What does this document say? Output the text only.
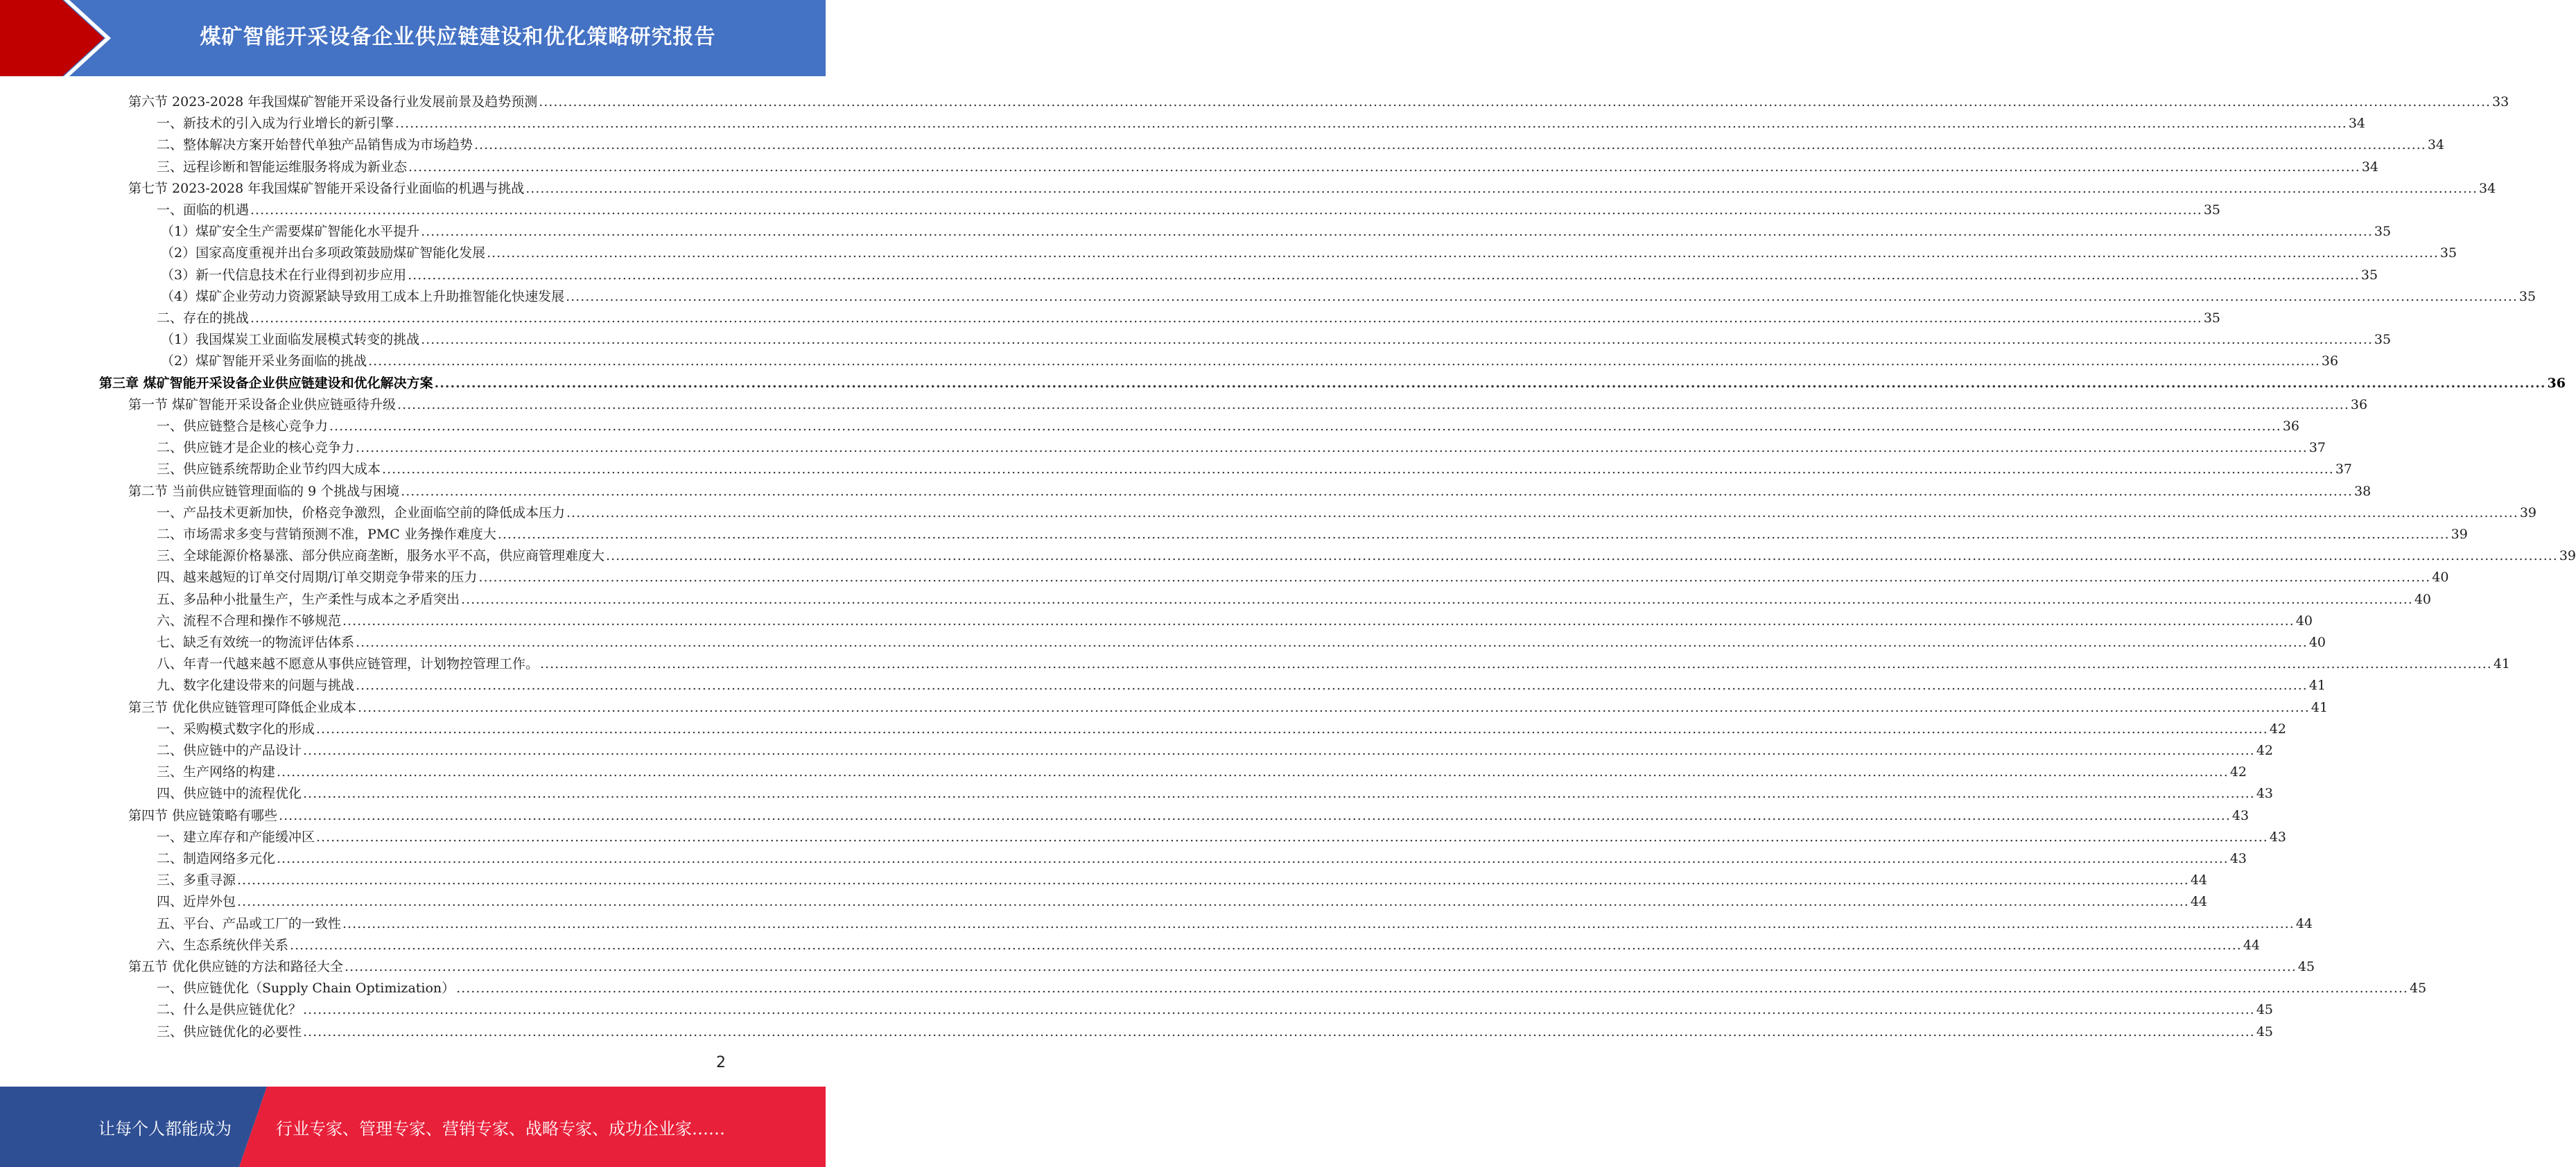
煤矿智能开采设备企业供应链建设和优化策略研究报告
第六节 2023-2028 年我国煤矿智能开采设备行业发展前景及趋势预测 ................................................................................................................................................................................................................................................................................................................................................................................................................ 33
一、新技术的引入成为行业增长的新引擎 ................................................................................................................................................................................................................................................................................................................................................................................................................ 34
二、整体解决方案开始替代单独产品销售成为市场趋势 ................................................................................................................................................................................................................................................................................................................................................................................................................ 34
三、远程诊断和智能运维服务将成为新业态 ................................................................................................................................................................................................................................................................................................................................................................................................................ 34
第七节 2023-2028 年我国煤矿智能开采设备行业面临的机遇与挑战 ................................................................................................................................................................................................................................................................................................................................................................................................................ 34
一、面临的机遇 ................................................................................................................................................................................................................................................................................................................................................................................................................ 35
（1）煤矿安全生产需要煤矿智能化水平提升 ................................................................................................................................................................................................................................................................................................................................................................................................................ 35
（2）国家高度重视并出台多项政策鼓励煤矿智能化发展 ................................................................................................................................................................................................................................................................................................................................................................................................................ 35
（3）新一代信息技术在行业得到初步应用 ................................................................................................................................................................................................................................................................................................................................................................................................................ 35
（4）煤矿企业劳动力资源紧缺导致用工成本上升助推智能化快速发展 ................................................................................................................................................................................................................................................................................................................................................................................................................ 35
二、存在的挑战 ................................................................................................................................................................................................................................................................................................................................................................................................................ 35
（1）我国煤炭工业面临发展模式转变的挑战 ................................................................................................................................................................................................................................................................................................................................................................................................................ 35
（2）煤矿智能开采业务面临的挑战 ................................................................................................................................................................................................................................................................................................................................................................................................................ 36
第三章 煤矿智能开采设备企业供应链建设和优化解决方案 ................................................................................................................................................................................................................................................................................................................................................................................................................ 36
第一节 煤矿智能开采设备企业供应链亟待升级 ................................................................................................................................................................................................................................................................................................................................................................................................................ 36
一、供应链整合是核心竞争力 ................................................................................................................................................................................................................................................................................................................................................................................................................ 36
二、供应链才是企业的核心竞争力 ................................................................................................................................................................................................................................................................................................................................................................................................................ 37
三、供应链系统帮助企业节约四大成本 ................................................................................................................................................................................................................................................................................................................................................................................................................ 37
第二节 当前供应链管理面临的 9 个挑战与困境 ................................................................................................................................................................................................................................................................................................................................................................................................................ 38
一、产品技术更新加快，价格竞争激烈，企业面临空前的降低成本压力 ................................................................................................................................................................................................................................................................................................................................................................................................................ 39
二、市场需求多变与营销预测不准，PMC 业务操作难度大 ................................................................................................................................................................................................................................................................................................................................................................................................................ 39
三、全球能源价格暴涨、部分供应商垄断，服务水平不高，供应商管理难度大 ................................................................................................................................................................................................................................................................................................................................................................................................................ 39
四、越来越短的订单交付周期/订单交期竞争带来的压力 ................................................................................................................................................................................................................................................................................................................................................................................................................ 40
五、多品种小批量生产，生产柔性与成本之矛盾突出 ................................................................................................................................................................................................................................................................................................................................................................................................................ 40
六、流程不合理和操作不够规范 ................................................................................................................................................................................................................................................................................................................................................................................................................ 40
七、缺乏有效统一的物流评估体系 ................................................................................................................................................................................................................................................................................................................................................................................................................ 40
八、年青一代越来越不愿意从事供应链管理，计划物控管理工作。 ................................................................................................................................................................................................................................................................................................................................................................................................................ 41
九、数字化建设带来的问题与挑战 ................................................................................................................................................................................................................................................................................................................................................................................................................ 41
第三节 优化供应链管理可降低企业成本 ................................................................................................................................................................................................................................................................................................................................................................................................................ 41
一、采购模式数字化的形成 ................................................................................................................................................................................................................................................................................................................................................................................................................ 42
二、供应链中的产品设计 ................................................................................................................................................................................................................................................................................................................................................................................................................ 42
三、生产网络的构建 ................................................................................................................................................................................................................................................................................................................................................................................................................ 42
四、供应链中的流程优化 ................................................................................................................................................................................................................................................................................................................................................................................................................ 43
第四节 供应链策略有哪些 ................................................................................................................................................................................................................................................................................................................................................................................................................ 43
一、建立库存和产能缓冲区 ................................................................................................................................................................................................................................................................................................................................................................................................................ 43
二、制造网络多元化 ................................................................................................................................................................................................................................................................................................................................................................................................................ 43
三、多重寻源 ................................................................................................................................................................................................................................................................................................................................................................................................................ 44
四、近岸外包 ................................................................................................................................................................................................................................................................................................................................................................................................................ 44
五、平台、产品或工厂的一致性 ................................................................................................................................................................................................................................................................................................................................................................................................................ 44
六、生态系统伙伴关系 ................................................................................................................................................................................................................................................................................................................................................................................................................ 44
第五节 优化供应链的方法和路径大全 ................................................................................................................................................................................................................................................................................................................................................................................................................ 45
一、供应链优化（Supply Chain Optimization） ................................................................................................................................................................................................................................................................................................................................................................................................................ 45
二、什么是供应链优化？ ................................................................................................................................................................................................................................................................................................................................................................................................................ 45
三、供应链优化的必要性 ................................................................................................................................................................................................................................................................................................................................................................................................................ 45
2
让每个人都能成为	行业专家、管理专家、营销专家、战略专家、成功企业家……
